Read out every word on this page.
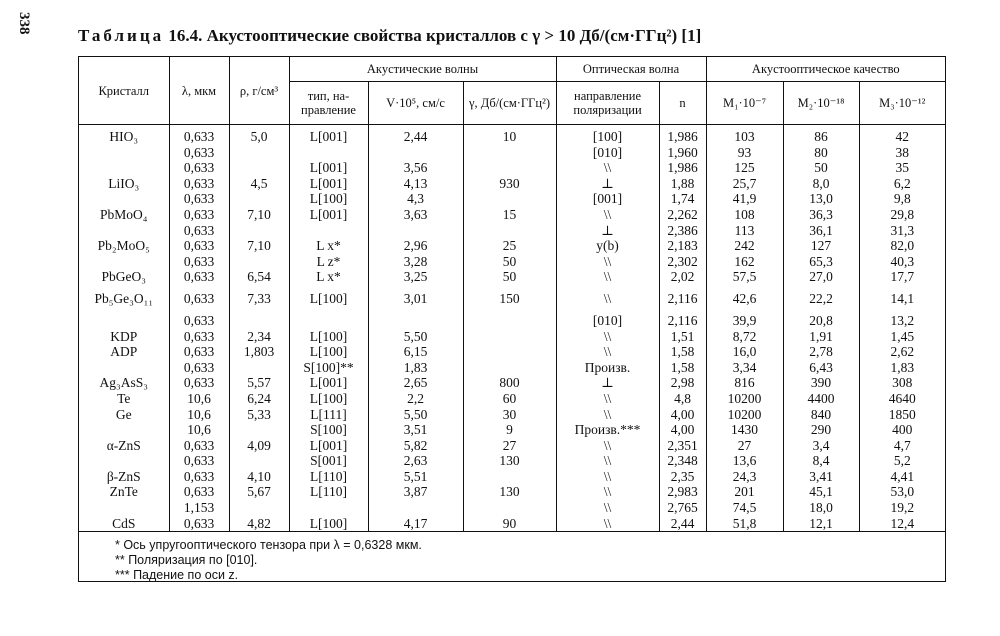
338
Таблица 16.4. Акустооптические свойства кристаллов с γ > 10 Дб/(см·ГГц²) [1]
Кристалл	λ, мкм	ρ, г/см³	Акустические волны			Оптическая волна		Акустооптическое качество		
			тип, на-правление	V·10⁵, см/с	γ, Дб/(см·ГГц²)	направление поляризации	n	M₁·10⁻⁷	M₂·10⁻¹⁸	M₃·10⁻¹²
HIO₃	0,633	5,0	L[001]	2,44	10	[100]	1,986	103	86	42
	0,633					[010]	1,960	93	80	38
	0,633		L[001]	3,56		\\	1,986	125	50	35
LiIO₃	0,633	4,5	L[001]	4,13	930	⊥	1,88	25,7	8,0	6,2
	0,633		L[100]	4,3		[001]	1,74	41,9	13,0	9,8
PbMoO₄	0,633	7,10	L[001]	3,63	15	\\	2,262	108	36,3	29,8
	0,633					⊥	2,386	113	36,1	31,3
Pb₂MoO₅	0,633	7,10	L x*	2,96	25	y(b)	2,183	242	127	82,0
	0,633		L z*	3,28	50	\\	2,302	162	65,3	40,3
PbGeO₃	0,633	6,54	L x*	3,25	50	\\	2,02	57,5	27,0	17,7
Pb₅Ge₃O₁₁	0,633	7,33	L[100]	3,01	150	\\	2,116	42,6	22,2	14,1
	0,633					[010]	2,116	39,9	20,8	13,2
KDP	0,633	2,34	L[100]	5,50		\\	1,51	8,72	1,91	1,45
ADP	0,633	1,803	L[100]	6,15		\\	1,58	16,0	2,78	2,62
	0,633		S[100]**	1,83		Произв.	1,58	3,34	6,43	1,83
Ag₃AsS₃	0,633	5,57	L[001]	2,65	800	⊥	2,98	816	390	308
Te	10,6	6,24	L[100]	2,2	60	\\	4,8	10200	4400	4640
Ge	10,6	5,33	L[111]	5,50	30	\\	4,00	10200	840	1850
	10,6		S[100]	3,51	9	Произв.***	4,00	1430	290	400
α-ZnS	0,633	4,09	L[001]	5,82	27	\\	2,351	27	3,4	4,7
	0,633		S[001]	2,63	130	\\	2,348	13,6	8,4	5,2
β-ZnS	0,633	4,10	L[110]	5,51		\\	2,35	24,3	3,41	4,41
ZnTe	0,633	5,67	L[110]	3,87	130	\\	2,983	201	45,1	53,0
	1,153					\\	2,765	74,5	18,0	19,2
CdS	0,633	4,82	L[100]	4,17	90	\\	2,44	51,8	12,1	12,4
* Ось упругооптического тензора при λ = 0,6328 мкм.
** Поляризация по [010].
*** Падение по оси z.
